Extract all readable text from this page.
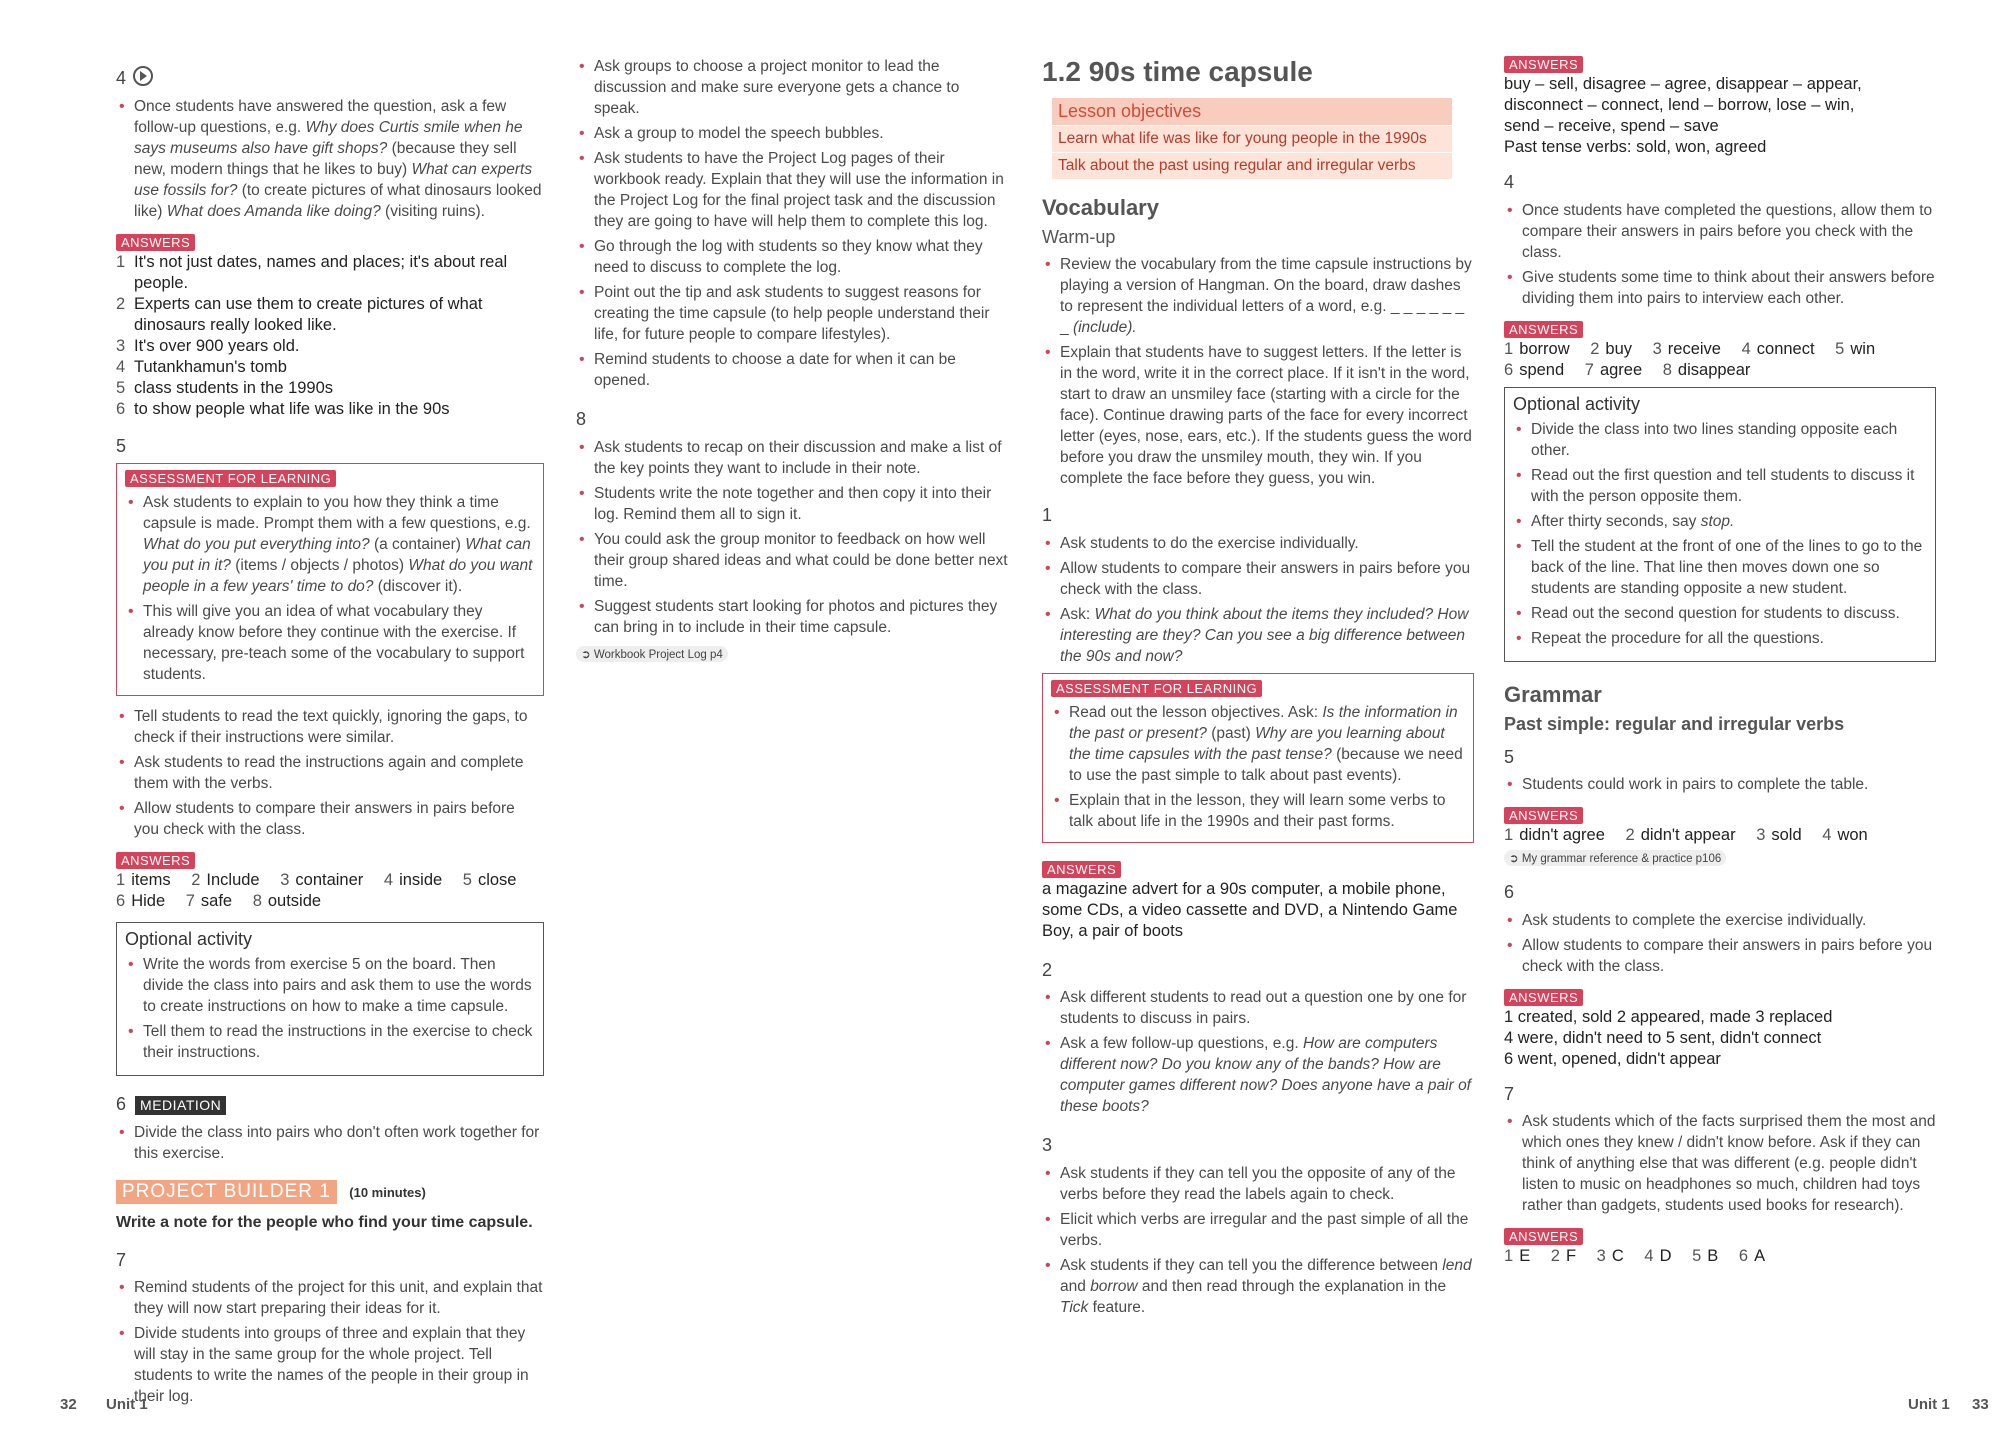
4
• Once students have answered the question, ask a few follow-up questions, e.g. Why does Curtis smile when he says museums also have gift shops? (because they sell new, modern things that he likes to buy) What can experts use fossils for? (to create pictures of what dinosaurs looked like) What does Amanda like doing? (visiting ruins).
ANSWERS
1 It's not just dates, names and places; it's about real people.
2 Experts can use them to create pictures of what dinosaurs really looked like.
3 It's over 900 years old.
4 Tutankhamun's tomb
5 class students in the 1990s
6 to show people what life was like in the 90s
5
ASSESSMENT FOR LEARNING
• Ask students to explain to you how they think a time capsule is made. Prompt them with a few questions, e.g. What do you put everything into? (a container) What can you put in it? (items / objects / photos) What do you want people in a few years' time to do? (discover it).
• This will give you an idea of what vocabulary they already know before they continue with the exercise. If necessary, pre-teach some of the vocabulary to support students.
• Tell students to read the text quickly, ignoring the gaps, to check if their instructions were similar.
• Ask students to read the instructions again and complete them with the verbs.
• Allow students to compare their answers in pairs before you check with the class.
ANSWERS
1 items 2 Include 3 container 4 inside 5 close
6 Hide 7 safe 8 outside
Optional activity
• Write the words from exercise 5 on the board. Then divide the class into pairs and ask them to use the words to create instructions on how to make a time capsule.
• Tell them to read the instructions in the exercise to check their instructions.
6 MEDIATION
• Divide the class into pairs who don't often work together for this exercise.
PROJECT BUILDER 1 (10 minutes)
Write a note for the people who find your time capsule.
7
• Remind students of the project for this unit, and explain that they will now start preparing their ideas for it.
• Divide students into groups of three and explain that they will stay in the same group for the whole project. Tell students to write the names of the people in their group in their log.
• Ask groups to choose a project monitor to lead the discussion and make sure everyone gets a chance to speak.
• Ask a group to model the speech bubbles.
• Ask students to have the Project Log pages of their workbook ready. Explain that they will use the information in the Project Log for the final project task and the discussion they are going to have will help them to complete this log.
• Go through the log with students so they know what they need to discuss to complete the log.
• Point out the tip and ask students to suggest reasons for creating the time capsule (to help people understand their life, for future people to compare lifestyles).
• Remind students to choose a date for when it can be opened.
8
• Ask students to recap on their discussion and make a list of the key points they want to include in their note.
• Students write the note together and then copy it into their log. Remind them all to sign it.
• You could ask the group monitor to feedback on how well their group shared ideas and what could be done better next time.
• Suggest students start looking for photos and pictures they can bring in to include in their time capsule.
➲ Workbook Project Log p4
1.2 90s time capsule
Lesson objectives
Learn what life was like for young people in the 1990s
Talk about the past using regular and irregular verbs
Vocabulary
Warm-up
• Review the vocabulary from the time capsule instructions by playing a version of Hangman. On the board, draw dashes to represent the individual letters of a word, e.g. _ _ _ _ _ _ _ (include).
• Explain that students have to suggest letters. If the letter is in the word, write it in the correct place. If it isn't in the word, start to draw an unsmiley face (starting with a circle for the face). Continue drawing parts of the face for every incorrect letter (eyes, nose, ears, etc.). If the students guess the word before you draw the unsmiley mouth, they win. If you complete the face before they guess, you win.
1
• Ask students to do the exercise individually.
• Allow students to compare their answers in pairs before you check with the class.
• Ask: What do you think about the items they included? How interesting are they? Can you see a big difference between the 90s and now?
ASSESSMENT FOR LEARNING
• Read out the lesson objectives. Ask: Is the information in the past or present? (past) Why are you learning about the time capsules with the past tense? (because we need to use the past simple to talk about past events).
• Explain that in the lesson, they will learn some verbs to talk about life in the 1990s and their past forms.
ANSWERS
a magazine advert for a 90s computer, a mobile phone, some CDs, a video cassette and DVD, a Nintendo Game Boy, a pair of boots
2
• Ask different students to read out a question one by one for students to discuss in pairs.
• Ask a few follow-up questions, e.g. How are computers different now? Do you know any of the bands? How are computer games different now? Does anyone have a pair of these boots?
3
• Ask students if they can tell you the opposite of any of the verbs before they read the labels again to check.
• Elicit which verbs are irregular and the past simple of all the verbs.
• Ask students if they can tell you the difference between lend and borrow and then read through the explanation in the Tick feature.
ANSWERS
buy – sell, disagree – agree, disappear – appear,
disconnect – connect, lend – borrow, lose – win,
send – receive, spend – save
Past tense verbs: sold, won, agreed
4
• Once students have completed the questions, allow them to compare their answers in pairs before you check with the class.
• Give students some time to think about their answers before dividing them into pairs to interview each other.
ANSWERS
1 borrow 2 buy 3 receive 4 connect 5 win
6 spend 7 agree 8 disappear
Optional activity
• Divide the class into two lines standing opposite each other.
• Read out the first question and tell students to discuss it with the person opposite them.
• After thirty seconds, say stop.
• Tell the student at the front of one of the lines to go to the back of the line. That line then moves down one so students are standing opposite a new student.
• Read out the second question for students to discuss.
• Repeat the procedure for all the questions.
Grammar
Past simple: regular and irregular verbs
5
• Students could work in pairs to complete the table.
ANSWERS
1 didn't agree 2 didn't appear 3 sold 4 won
➲ My grammar reference & practice p106
6
• Ask students to complete the exercise individually.
• Allow students to compare their answers in pairs before you check with the class.
ANSWERS
1 created, sold 2 appeared, made 3 replaced
4 were, didn't need to 5 sent, didn't connect
6 went, opened, didn't appear
7
• Ask students which of the facts surprised them the most and which ones they knew / didn't know before. Ask if they can think of anything else that was different (e.g. people didn't listen to music on headphones so much, children had toys rather than gadgets, students used books for research).
ANSWERS
1 E 2 F 3 C 4 D 5 B 6 A
32 Unit 1	Unit 1 33
